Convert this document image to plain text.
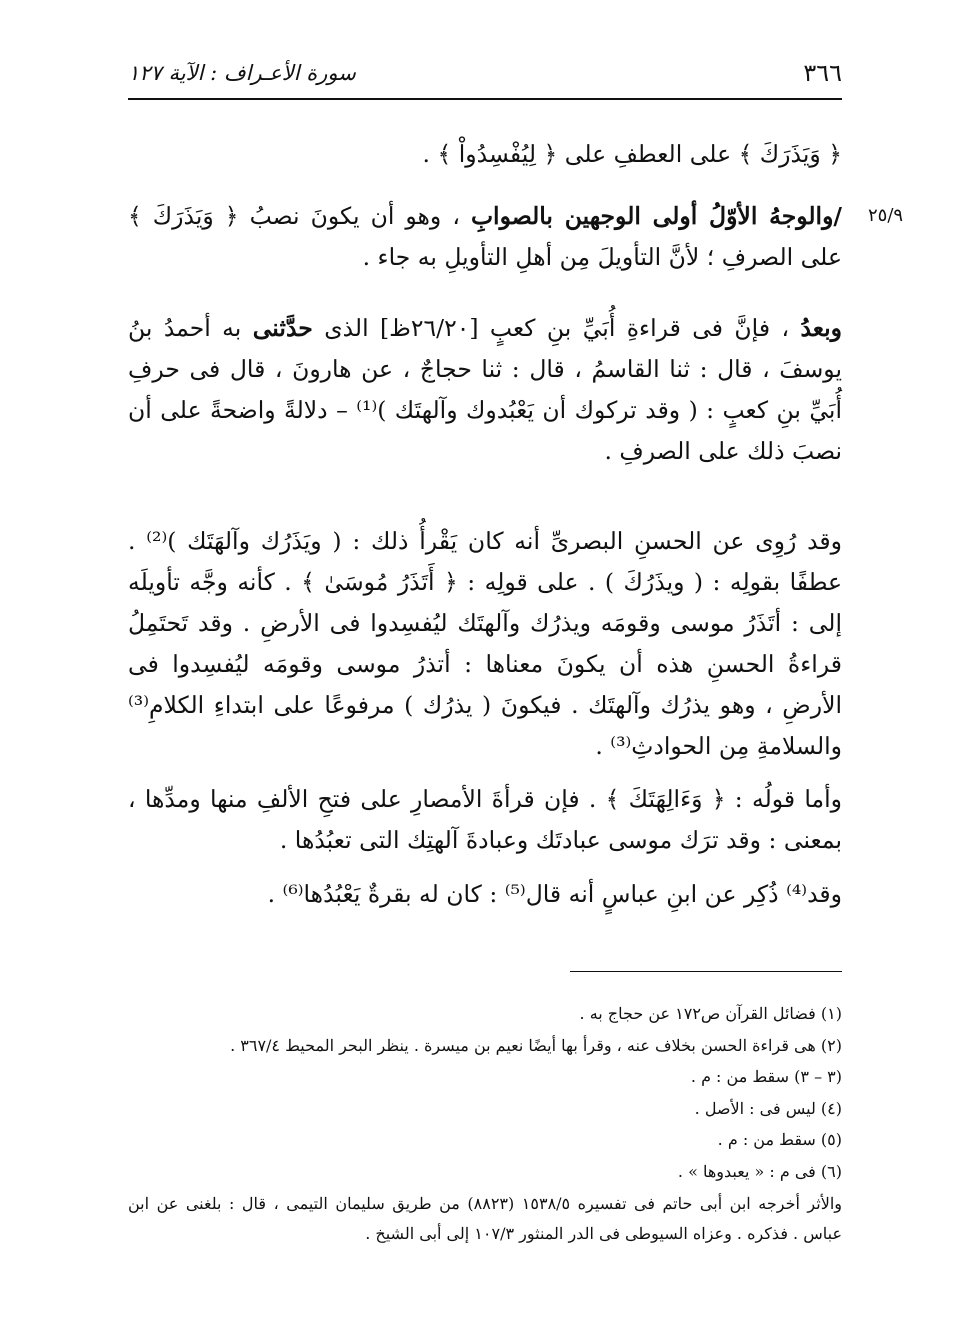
٣٦٦
سورة الأعـراف : الآية ١٢٧
٢٥/٩
﴿ وَيَذَرَكَ ﴾ على العطفِ على ﴿ لِيُفْسِدُواْ ﴾ .
/والوجهُ الأوّلُ أولى الوجهين بالصوابِ ، وهو أن يكونَ نصبُ ﴿ وَيَذَرَكَ ﴾ على الصرفِ ؛ لأنَّ التأويلَ مِن أهلِ التأويلِ به جاء .
وبعدُ ، فإنَّ فى قراءةِ أُبَيِّ بنِ كعبٍ [٢٦/٢٠ظ] الذى حدَّثنى به أحمدُ بنُ يوسفَ ، قال : ثنا القاسمُ ، قال : ثنا حجاجٌ ، عن هارونَ ، قال فى حرفِ أُبَيِّ بنِ كعبٍ : ( وقد تركوك أن يَعْبُدوك وآلهتَك )⁽¹⁾ – دلالةً واضحةً على أن نصبَ ذلك على الصرفِ .
وقد رُوِى عن الحسنِ البصرىِّ أنه كان يَقْرأُ ذلك : ( ويَذَرُك وآلهَتَك )⁽²⁾ . عطفًا بقولِه : ( ويذَرُكَ ) . على قولِه : ﴿ أَتَذَرُ مُوسَىٰ ﴾ . كأنه وجَّه تأويلَه إلى : أتَذَرُ موسى وقومَه ويذرُك وآلهتَك ليُفسِدوا فى الأرضِ . وقد تَحتَمِلُ قراءةُ الحسنِ هذه أن يكونَ معناها : أتذرُ موسى وقومَه ليُفسِدوا فى الأرضِ ، وهو يذرُك وآلهتَك . فيكونَ ( يذرُك ) مرفوعًا على ابتداءِ الكلامِ⁽³⁾ والسلامةِ مِن الحوادثِ⁽³⁾ .
وأما قولُه : ﴿ وَءَالِهَتَكَ ﴾ . فإن قرأةَ الأمصارِ على فتحِ الألفِ منها ومدِّها ، بمعنى : وقد ترَك موسى عبادتَك وعبادةَ آلهتِك التى تعبُدُها .
وقد⁽⁴⁾ ذُكِر عن ابنِ عباسٍ أنه قال⁽⁵⁾ : كان له بقرةٌ يَعْبُدُها⁽⁶⁾ .

(١) فضائل القرآن ص١٧٢ عن حجاج به .

(٢) هى قراءة الحسن بخلاف عنه ، وقرأ بها أيضًا نعيم بن ميسرة . ينظر البحر المحيط ٣٦٧/٤ .

(٣ – ٣) سقط من : م .

(٤) ليس فى : الأصل .

(٥) سقط من : م .

(٦) فى م : « يعبدوها » .

والأثر أخرجه ابن أبى حاتم فى تفسيره ١٥٣٨/٥ (٨٨٢٣) من طريق سليمان التيمى ، قال : بلغنى عن ابن عباس . فذكره . وعزاه السيوطى فى الدر المنثور ١٠٧/٣ إلى أبى الشيخ .
